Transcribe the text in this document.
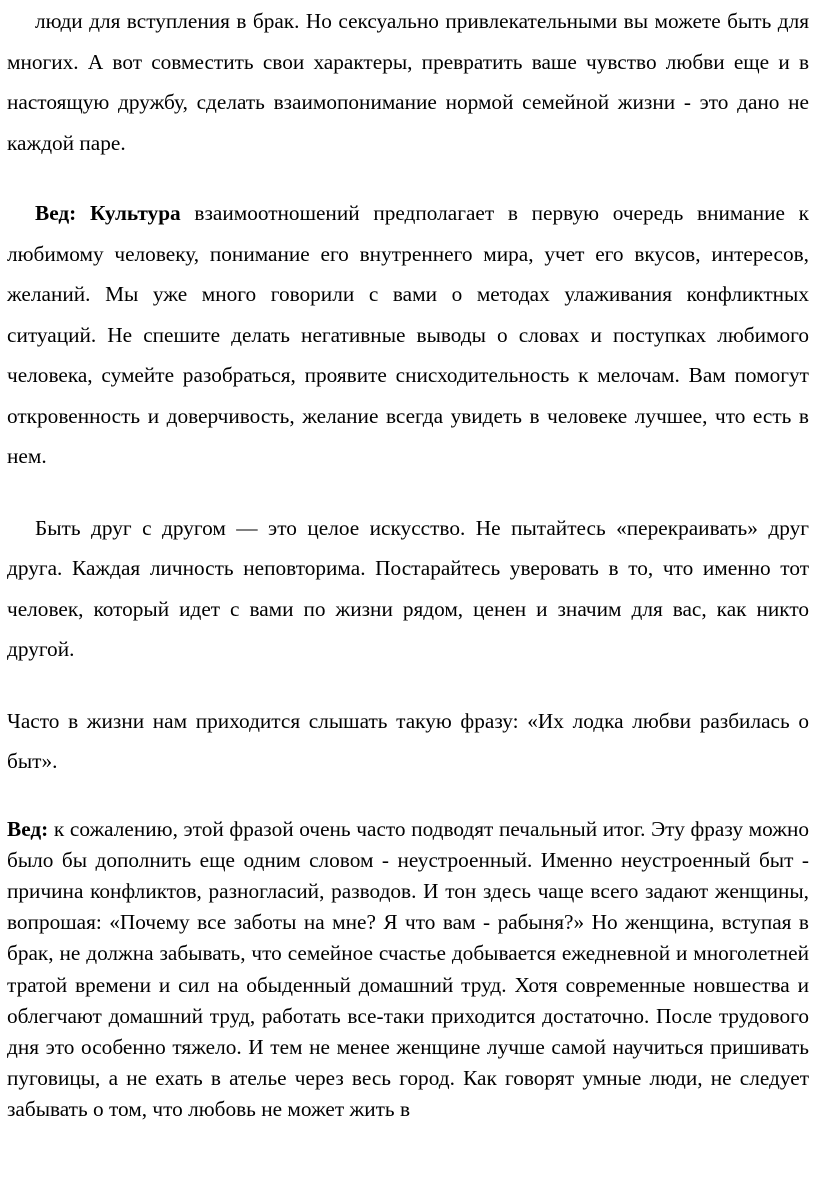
люди для вступления в брак. Но сексуально привлекательными вы можете быть для многих. А вот совместить свои характеры, превратить ваше чувство любви еще и в настоящую дружбу, сделать взаимопонимание нормой семейной жизни - это дано не каждой паре.

Вед: Культура взаимоотношений предполагает в первую очередь внимание к любимому человеку, понимание его внутреннего мира, учет его вкусов, интересов, желаний. Мы уже много говорили с вами о методах улаживания конфликтных ситуаций. Не спешите делать негативные выводы о словах и поступках любимого человека, сумейте разобраться, проявите снисходительность к мелочам. Вам помогут откровенность и доверчивость, желание всегда увидеть в человеке лучшее, что есть в нем.

Быть друг с другом — это целое искусство. Не пытайтесь «перекраивать» друг друга. Каждая личность неповторима. Постарайтесь уверовать в то, что именно тот человек, который идет с вами по жизни рядом, ценен и значим для вас, как никто другой.

Часто в жизни нам приходится слышать такую фразу: «Их лодка любви разбилась о быт».

Вед: к сожалению, этой фразой очень часто подводят печальный итог. Эту фразу можно было бы дополнить еще одним словом - неустроенный. Именно неустроенный быт - причина конфликтов, разногласий, разводов. И тон здесь чаще всего задают женщины, вопрошая: «Почему все заботы на мне? Я что вам - рабыня?» Но женщина, вступая в брак, не должна забывать, что семейное счастье добывается ежедневной и многолетней тратой времени и сил на обыденный домашний труд. Хотя современные новшества и облегчают домашний труд, работать все-таки приходится достаточно. После трудового дня это особенно тяжело. И тем не менее женщине лучше самой научиться пришивать пуговицы, а не ехать в ателье через весь город. Как говорят умные люди, не следует забывать о том, что любовь не может жить в
